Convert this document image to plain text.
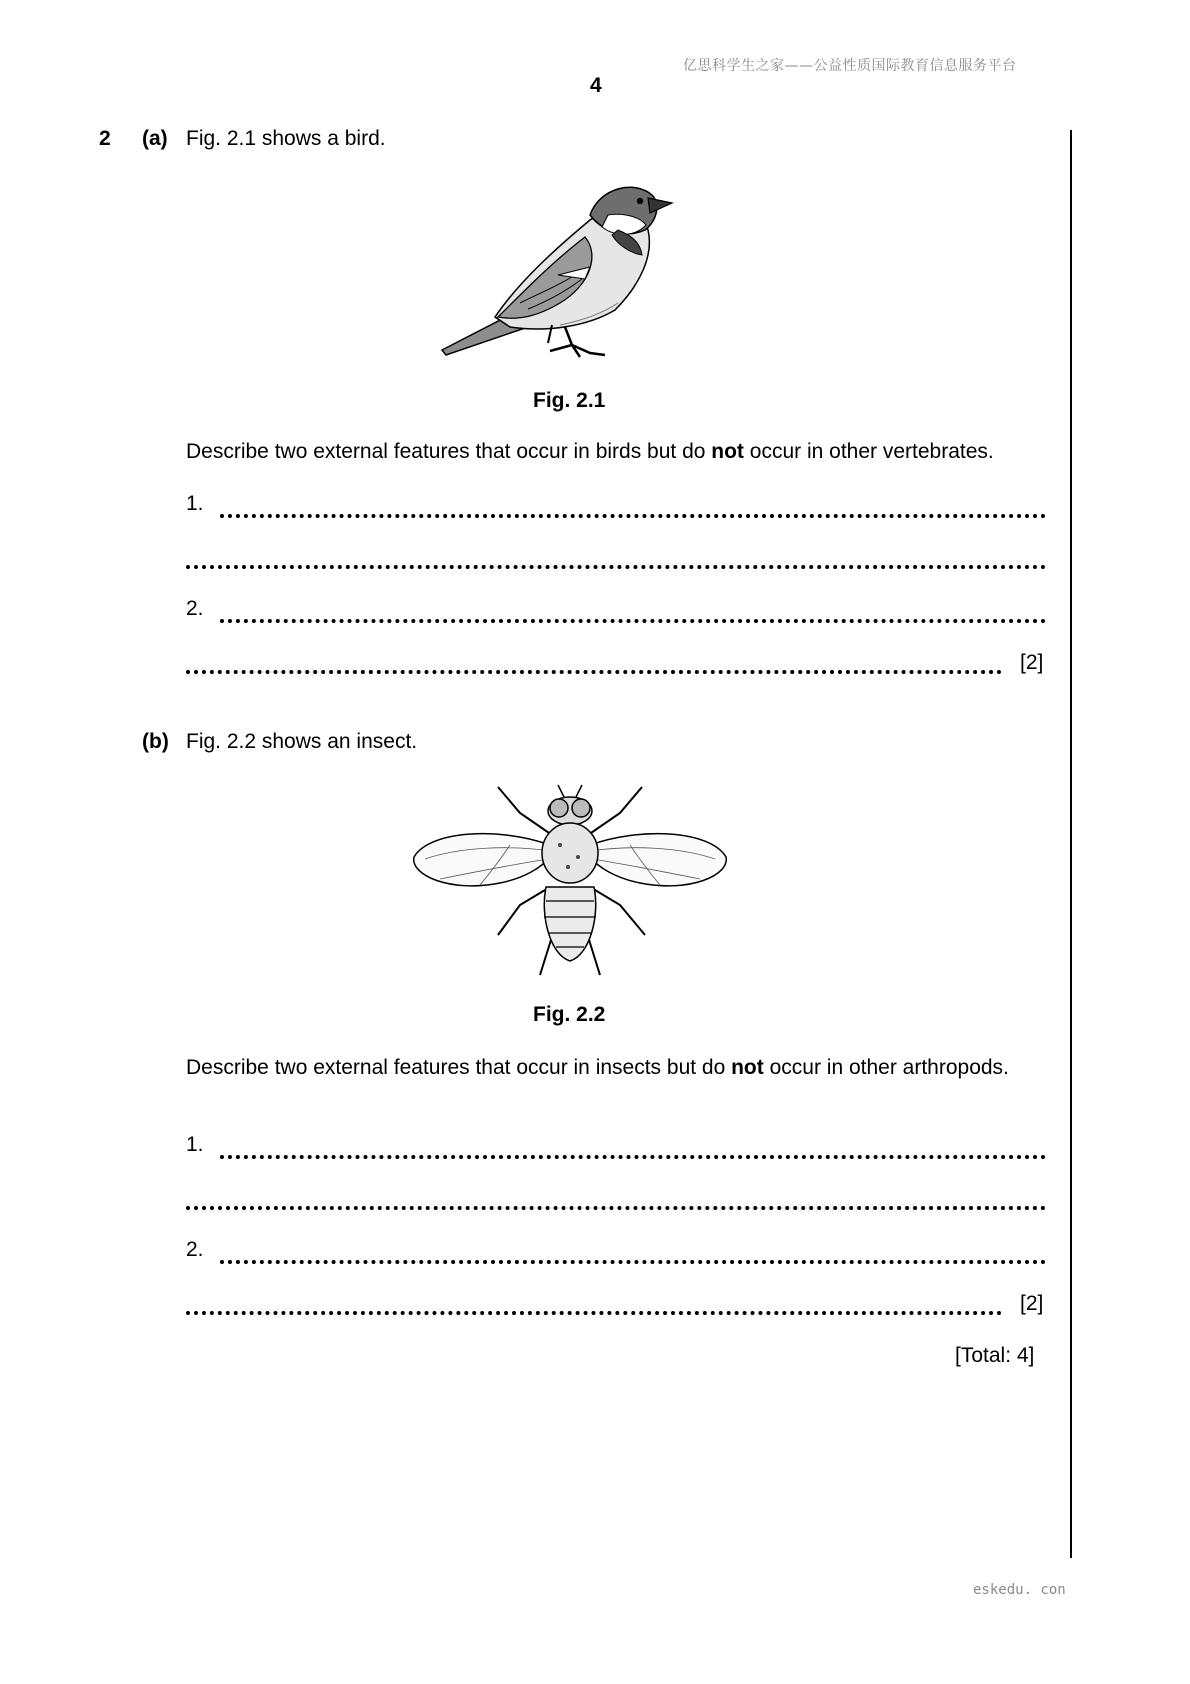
亿思科学生之家——公益性质国际教育信息服务平台
4
2 (a) Fig. 2.1 shows a bird.
Fig. 2.1
Describe two external features that occur in birds but do not occur in other vertebrates.
1.
2.
[2]
(b) Fig. 2.2 shows an insect.
Fig. 2.2
Describe two external features that occur in insects but do not occur in other arthropods.
1.
2.
[2]
[Total: 4]
eskedu. con
